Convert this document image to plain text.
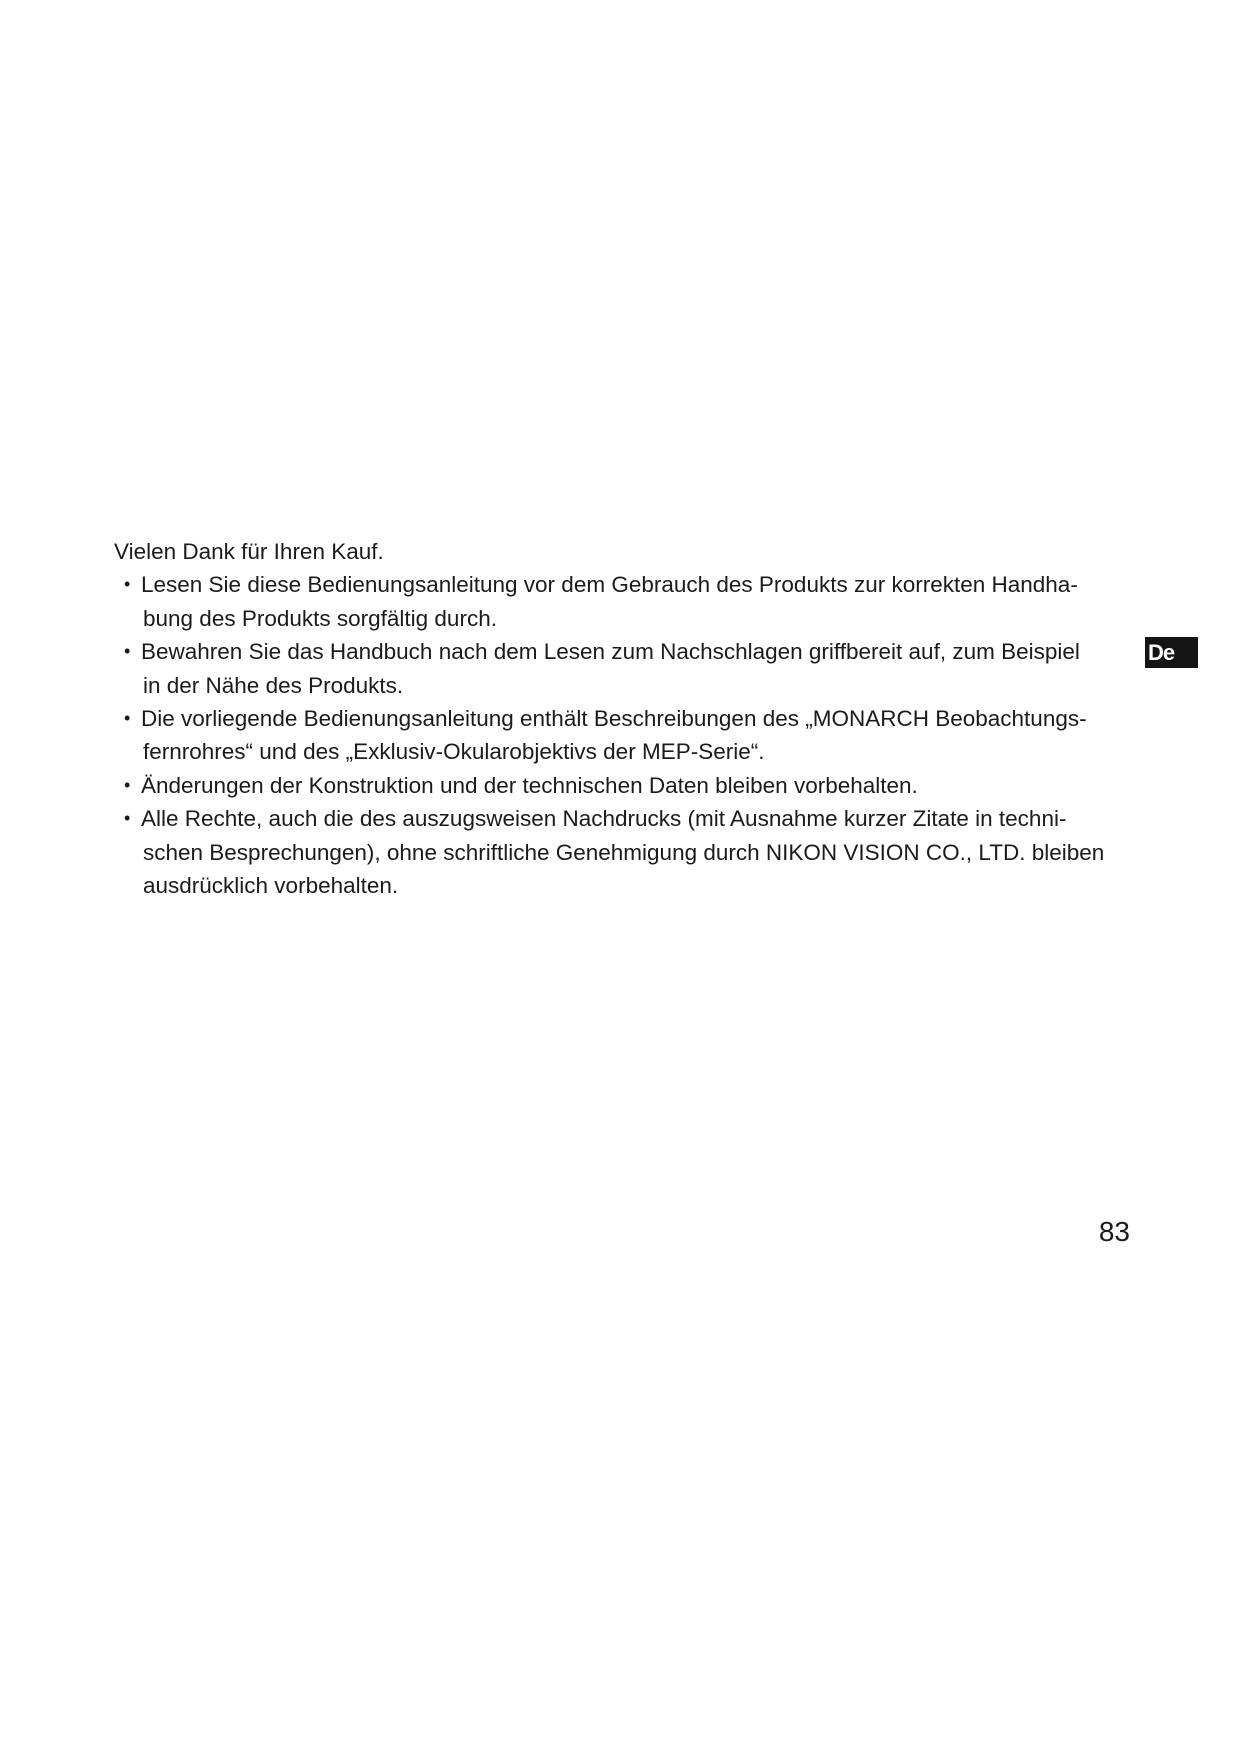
Vielen Dank für Ihren Kauf.
• Lesen Sie diese Bedienungsanleitung vor dem Gebrauch des Produkts zur korrekten Handha-
bung des Produkts sorgfältig durch.
• Bewahren Sie das Handbuch nach dem Lesen zum Nachschlagen griffbereit auf, zum Beispiel
in der Nähe des Produkts.
• Die vorliegende Bedienungsanleitung enthält Beschreibungen des „MONARCH Beobachtungs-
fernrohres“ und des „Exklusiv-Okularobjektivs der MEP-Serie“.
• Änderungen der Konstruktion und der technischen Daten bleiben vorbehalten.
• Alle Rechte, auch die des auszugsweisen Nachdrucks (mit Ausnahme kurzer Zitate in techni-
schen Besprechungen), ohne schriftliche Genehmigung durch NIKON VISION CO., LTD. bleiben
ausdrücklich vorbehalten.
De
83
